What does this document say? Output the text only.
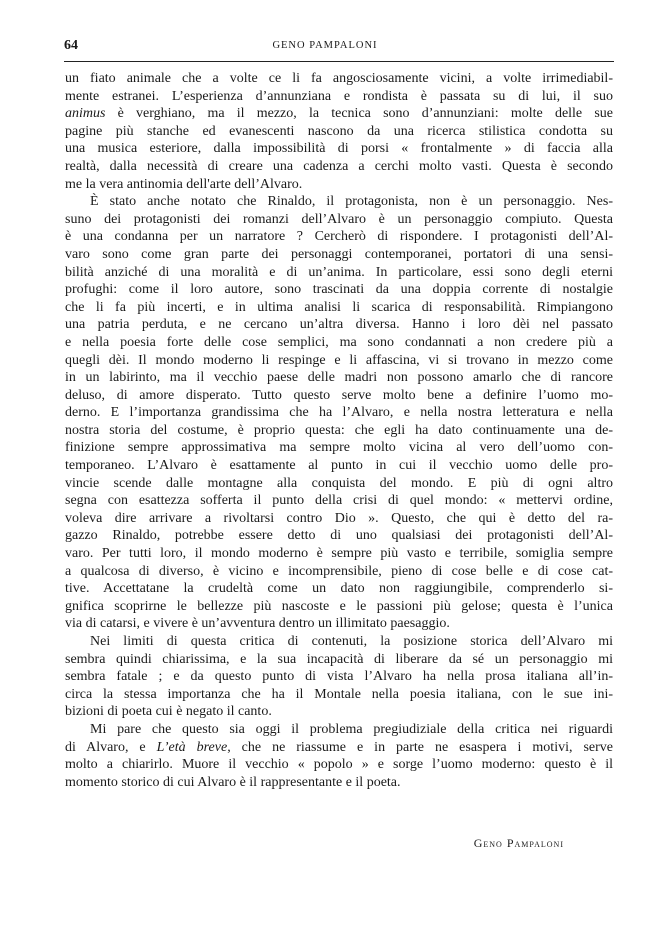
64	GENO PAMPALONI
un fiato animale che a volte ce li fa angosciosamente vicini, a volte irrimediabil-
mente estranei. L’esperienza d’annunziana e rondista è passata su di lui, il suo
animus è verghiano, ma il mezzo, la tecnica sono d’annunziani: molte delle sue
pagine più stanche ed evanescenti nascono da una ricerca stilistica condotta su
una musica esteriore, dalla impossibilità di porsi « frontalmente » di faccia alla
realtà, dalla necessità di creare una cadenza a cerchi molto vasti. Questa è secondo
me la vera antinomia dell'arte dell’Alvaro.
È stato anche notato che Rinaldo, il protagonista, non è un personaggio. Nes-
suno dei protagonisti dei romanzi dell’Alvaro è un personaggio compiuto. Questa
è una condanna per un narratore ? Cercherò di rispondere. I protagonisti dell’Al-
varo sono come gran parte dei personaggi contemporanei, portatori di una sensi-
bilità anziché di una moralità e di un’anima. In particolare, essi sono degli eterni
profughi: come il loro autore, sono trascinati da una doppia corrente di nostalgie
che li fa più incerti, e in ultima analisi li scarica di responsabilità. Rimpiangono
una patria perduta, e ne cercano un’altra diversa. Hanno i loro dèi nel passato
e nella poesia forte delle cose semplici, ma sono condannati a non credere più a
quegli dèi. Il mondo moderno li respinge e li affascina, vi si trovano in mezzo come
in un labirinto, ma il vecchio paese delle madri non possono amarlo che di rancore
deluso, di amore disperato. Tutto questo serve molto bene a definire l’uomo mo-
derno. E l’importanza grandissima che ha l’Alvaro, e nella nostra letteratura e nella
nostra storia del costume, è proprio questa: che egli ha dato continuamente una de-
finizione sempre approssimativa ma sempre molto vicina al vero dell’uomo con-
temporaneo. L’Alvaro è esattamente al punto in cui il vecchio uomo delle pro-
vincie scende dalle montagne alla conquista del mondo. E più di ogni altro
segna con esattezza sofferta il punto della crisi di quel mondo: « mettervi ordine,
voleva dire arrivare a rivoltarsi contro Dio ». Questo, che qui è detto del ra-
gazzo Rinaldo, potrebbe essere detto di uno qualsiasi dei protagonisti dell’Al-
varo. Per tutti loro, il mondo moderno è sempre più vasto e terribile, somiglia sempre
a qualcosa di diverso, è vicino e incomprensibile, pieno di cose belle e di cose cat-
tive. Accettatane la crudeltà come un dato non raggiungibile, comprenderlo si-
gnifica scoprirne le bellezze più nascoste e le passioni più gelose; questa è l’unica
via di catarsi, e vivere è un’avventura dentro un illimitato paesaggio.
Nei limiti di questa critica di contenuti, la posizione storica dell’Alvaro mi
sembra quindi chiarissima, e la sua incapacità di liberare da sé un personaggio mi
sembra fatale ; e da questo punto di vista l’Alvaro ha nella prosa italiana all’in-
circa la stessa importanza che ha il Montale nella poesia italiana, con le sue ini-
bizioni di poeta cui è negato il canto.
Mi pare che questo sia oggi il problema pregiudiziale della critica nei riguardi
di Alvaro, e L’età breve, che ne riassume e in parte ne esaspera i motivi, serve
molto a chiarirlo. Muore il vecchio « popolo » e sorge l’uomo moderno: questo è il
momento storico di cui Alvaro è il rappresentante e il poeta.
Geno Pampaloni
